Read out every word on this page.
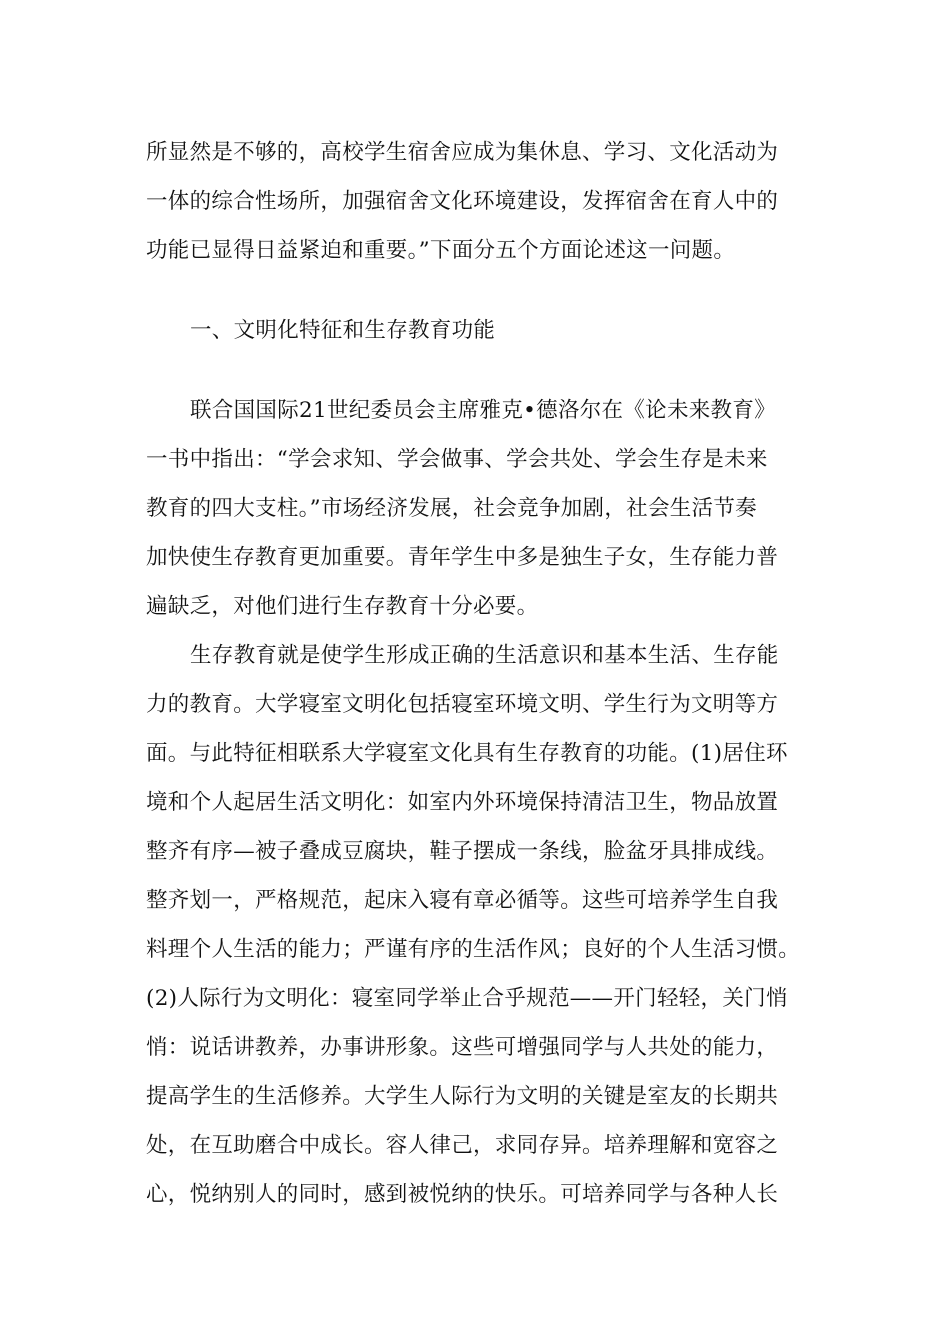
所显然是不够的，高校学生宿舍应成为集休息、学习、文化活动为
一体的综合性场所，加强宿舍文化环境建设，发挥宿舍在育人中的
功能已显得日益紧迫和重要。”下面分五个方面论述这一问题。
一、文明化特征和生存教育功能
联合国国际21世纪委员会主席雅克•德洛尔在《论未来教育》
一书中指出：“学会求知、学会做事、学会共处、学会生存是未来
教育的四大支柱。”市场经济发展，社会竞争加剧，社会生活节奏
加快使生存教育更加重要。青年学生中多是独生子女，生存能力普
遍缺乏，对他们进行生存教育十分必要。
生存教育就是使学生形成正确的生活意识和基本生活、生存能
力的教育。大学寝室文明化包括寝室环境文明、学生行为文明等方
面。与此特征相联系大学寝室文化具有生存教育的功能。(1)居住环
境和个人起居生活文明化：如室内外环境保持清洁卫生，物品放置
整齐有序—被子叠成豆腐块，鞋子摆成一条线，脸盆牙具排成线。
整齐划一，严格规范，起床入寝有章必循等。这些可培养学生自我
料理个人生活的能力；严谨有序的生活作风；良好的个人生活习惯。
(2)人际行为文明化：寝室同学举止合乎规范——开门轻轻，关门悄
悄：说话讲教养，办事讲形象。这些可增强同学与人共处的能力，
提高学生的生活修养。大学生人际行为文明的关键是室友的长期共
处，在互助磨合中成长。容人律己，求同存异。培养理解和宽容之
心，悦纳别人的同时，感到被悦纳的快乐。可培养同学与各种人长
